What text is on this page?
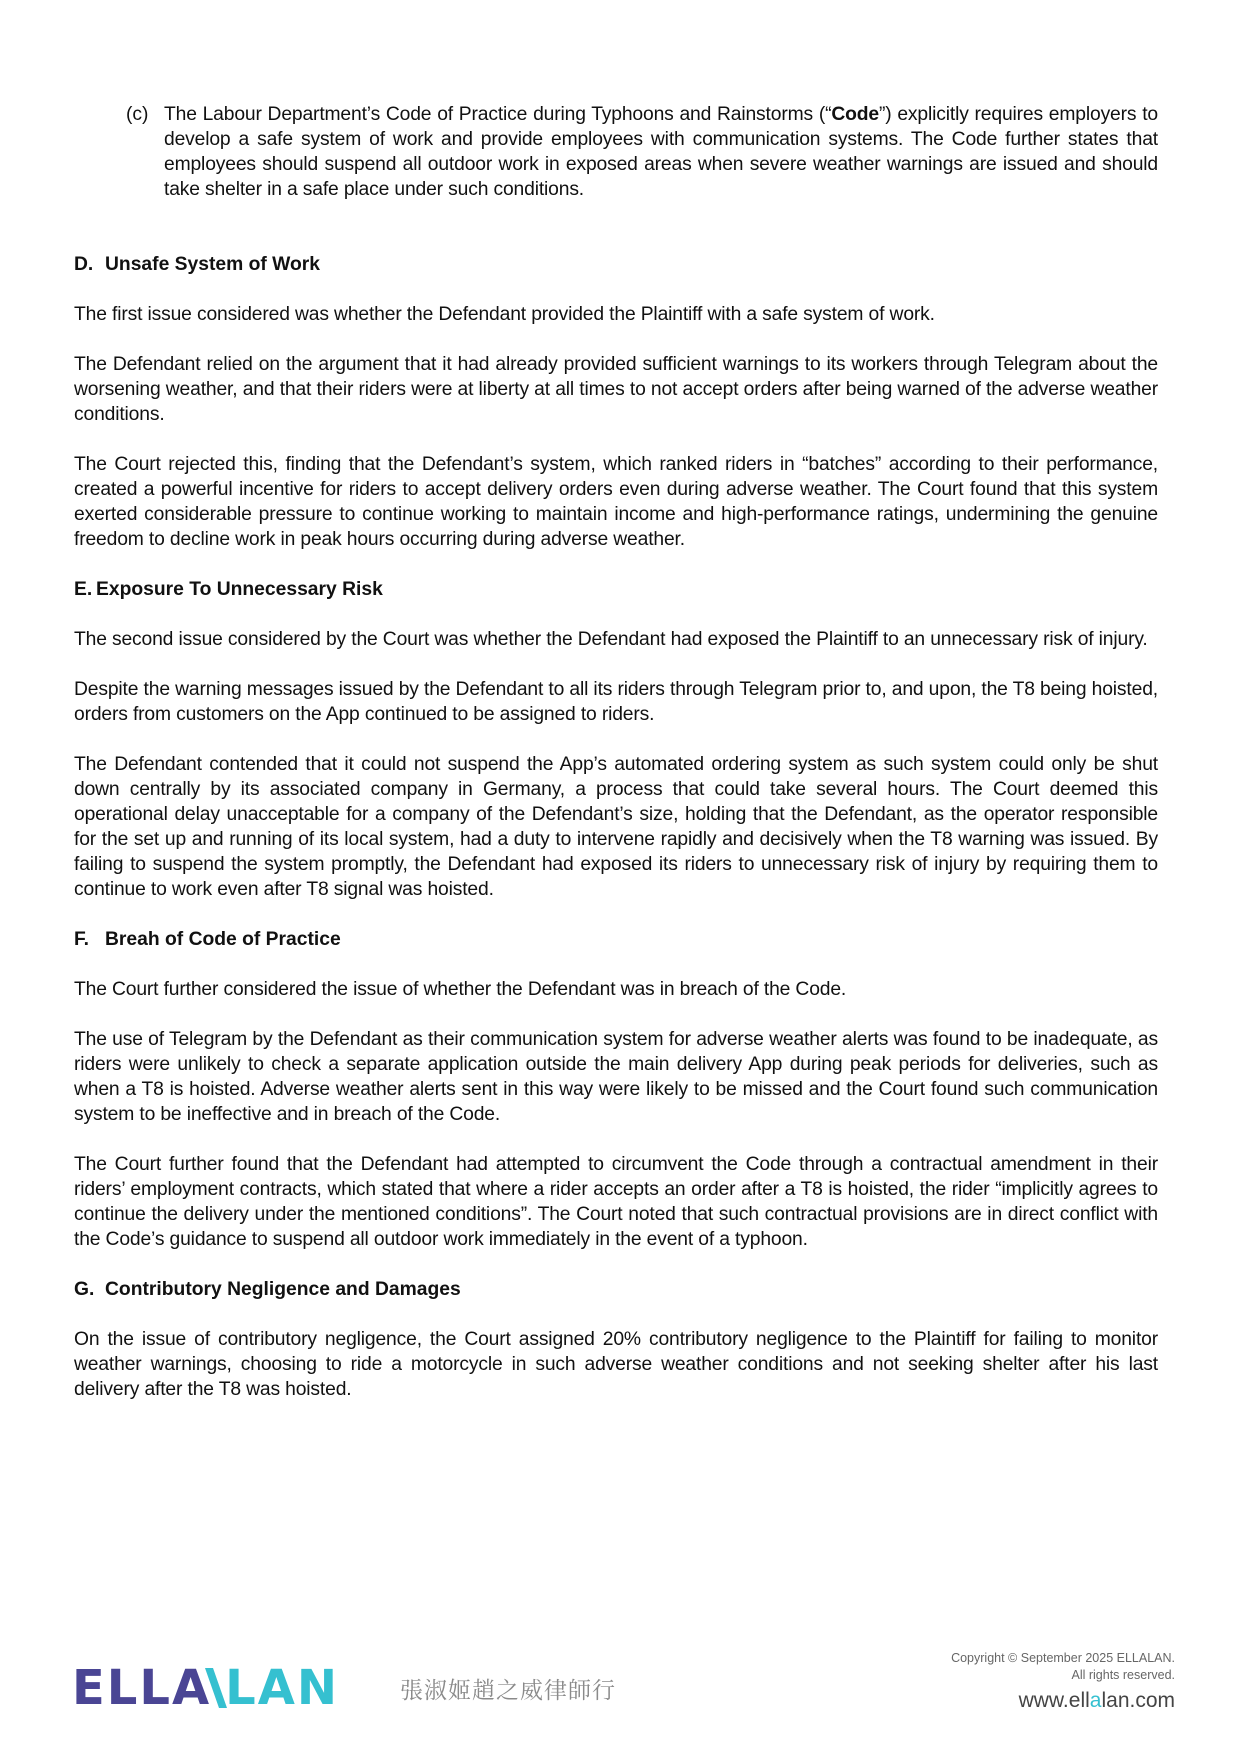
(c) The Labour Department’s Code of Practice during Typhoons and Rainstorms (“Code”) explicitly requires employers to develop a safe system of work and provide employees with communication systems. The Code further states that employees should suspend all outdoor work in exposed areas when severe weather warnings are issued and should take shelter in a safe place under such conditions.

D. Unsafe System of Work

The first issue considered was whether the Defendant provided the Plaintiff with a safe system of work.

The Defendant relied on the argument that it had already provided sufficient warnings to its workers through Telegram about the worsening weather, and that their riders were at liberty at all times to not accept orders after being warned of the adverse weather conditions.

The Court rejected this, finding that the Defendant’s system, which ranked riders in “batches” according to their performance, created a powerful incentive for riders to accept delivery orders even during adverse weather. The Court found that this system exerted considerable pressure to continue working to maintain income and high-performance ratings, undermining the genuine freedom to decline work in peak hours occurring during adverse weather.

E. Exposure To Unnecessary Risk

The second issue considered by the Court was whether the Defendant had exposed the Plaintiff to an unnecessary risk of injury.

Despite the warning messages issued by the Defendant to all its riders through Telegram prior to, and upon, the T8 being hoisted, orders from customers on the App continued to be assigned to riders.

The Defendant contended that it could not suspend the App’s automated ordering system as such system could only be shut down centrally by its associated company in Germany, a process that could take several hours. The Court deemed this operational delay unacceptable for a company of the Defendant’s size, holding that the Defendant, as the operator responsible for the set up and running of its local system, had a duty to intervene rapidly and decisively when the T8 warning was issued. By failing to suspend the system promptly, the Defendant had exposed its riders to unnecessary risk of injury by requiring them to continue to work even after T8 signal was hoisted.

F. Breah of Code of Practice

The Court further considered the issue of whether the Defendant was in breach of the Code.

The use of Telegram by the Defendant as their communication system for adverse weather alerts was found to be inadequate, as riders were unlikely to check a separate application outside the main delivery App during peak periods for deliveries, such as when a T8 is hoisted. Adverse weather alerts sent in this way were likely to be missed and the Court found such communication system to be ineffective and in breach of the Code.

The Court further found that the Defendant had attempted to circumvent the Code through a contractual amendment in their riders’ employment contracts, which stated that where a rider accepts an order after a T8 is hoisted, the rider “implicitly agrees to continue the delivery under the mentioned conditions”. The Court noted that such contractual provisions are in direct conflict with the Code’s guidance to suspend all outdoor work immediately in the event of a typhoon.

G. Contributory Negligence and Damages

On the issue of contributory negligence, the Court assigned 20% contributory negligence to the Plaintiff for failing to monitor weather warnings, choosing to ride a motorcycle in such adverse weather conditions and not seeking shelter after his last delivery after the T8 was hoisted.

ELLA LAN	張淑姬趙之威律師行
Copyright © September 2025 ELLALAN.
All rights reserved.
www.ellalan.com
